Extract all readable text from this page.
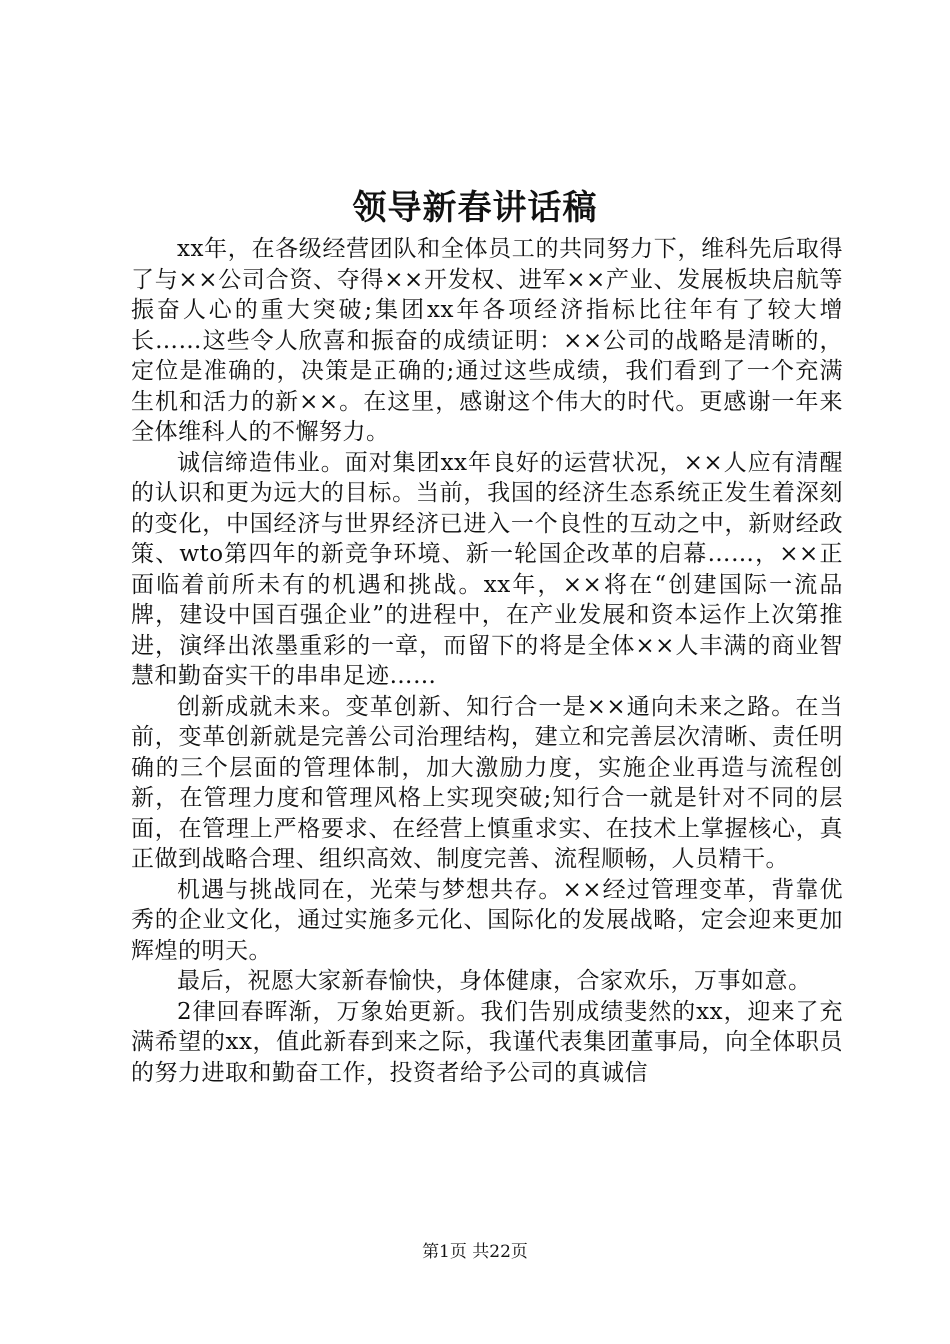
领导新春讲话稿

xx年，在各级经营团队和全体员工的共同努力下，维科先后取得了与××公司合资、夺得××开发权、进军××产业、发展板块启航等振奋人心的重大突破;集团xx年各项经济指标比往年有了较大增长……这些令人欣喜和振奋的成绩证明：××公司的战略是清晰的，定位是准确的，决策是正确的;通过这些成绩，我们看到了一个充满生机和活力的新××。在这里，感谢这个伟大的时代。更感谢一年来全体维科人的不懈努力。

诚信缔造伟业。面对集团xx年良好的运营状况，××人应有清醒的认识和更为远大的目标。当前，我国的经济生态系统正发生着深刻的变化，中国经济与世界经济已进入一个良性的互动之中，新财经政策、wto第四年的新竞争环境、新一轮国企改革的启幕……，××正面临着前所未有的机遇和挑战。xx年，××将在“创建国际一流品牌，建设中国百强企业”的进程中，在产业发展和资本运作上次第推进，演绎出浓墨重彩的一章，而留下的将是全体××人丰满的商业智慧和勤奋实干的串串足迹……

创新成就未来。变革创新、知行合一是××通向未来之路。在当前，变革创新就是完善公司治理结构，建立和完善层次清晰、责任明确的三个层面的管理体制，加大激励力度，实施企业再造与流程创新，在管理力度和管理风格上实现突破;知行合一就是针对不同的层面，在管理上严格要求、在经营上慎重求实、在技术上掌握核心，真正做到战略合理、组织高效、制度完善、流程顺畅，人员精干。

机遇与挑战同在，光荣与梦想共存。××经过管理变革，背靠优秀的企业文化，通过实施多元化、国际化的发展战略，定会迎来更加辉煌的明天。

最后，祝愿大家新春愉快，身体健康，合家欢乐，万事如意。

2律回春晖渐，万象始更新。我们告别成绩斐然的xx，迎来了充满希望的xx，值此新春到来之际，我谨代表集团董事局，向全体职员的努力进取和勤奋工作，投资者给予公司的真诚信

第1页 共22页
